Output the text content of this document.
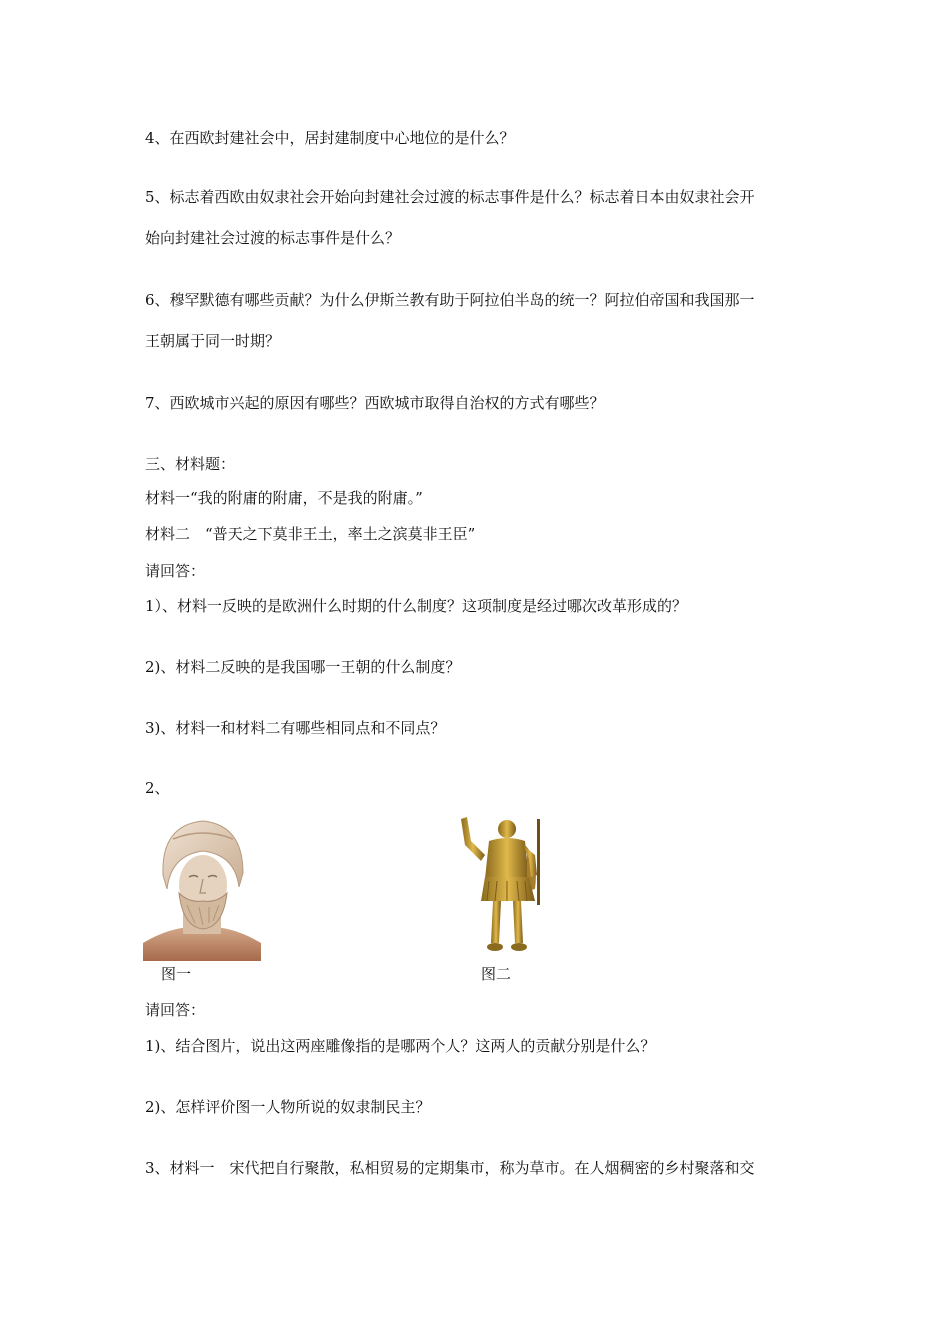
4、在西欧封建社会中，居封建制度中心地位的是什么？
5、标志着西欧由奴隶社会开始向封建社会过渡的标志事件是什么？标志着日本由奴隶社会开
始向封建社会过渡的标志事件是什么？
6、穆罕默德有哪些贡献？为什么伊斯兰教有助于阿拉伯半岛的统一？阿拉伯帝国和我国那一
王朝属于同一时期？
7、西欧城市兴起的原因有哪些？西欧城市取得自治权的方式有哪些？
三、材料题：
材料一“我的附庸的附庸，不是我的附庸。”
材料二　“普天之下莫非王土，率土之滨莫非王臣”
请回答：
1）、材料一反映的是欧洲什么时期的什么制度？这项制度是经过哪次改革形成的？
2)、材料二反映的是我国哪一王朝的什么制度？
3)、材料一和材料二有哪些相同点和不同点？
2、
图一	图二
请回答：
1)、结合图片，说出这两座雕像指的是哪两个人？这两人的贡献分别是什么？
2)、怎样评价图一人物所说的奴隶制民主？
3、材料一　宋代把自行聚散，私相贸易的定期集市，称为草市。在人烟稠密的乡村聚落和交
